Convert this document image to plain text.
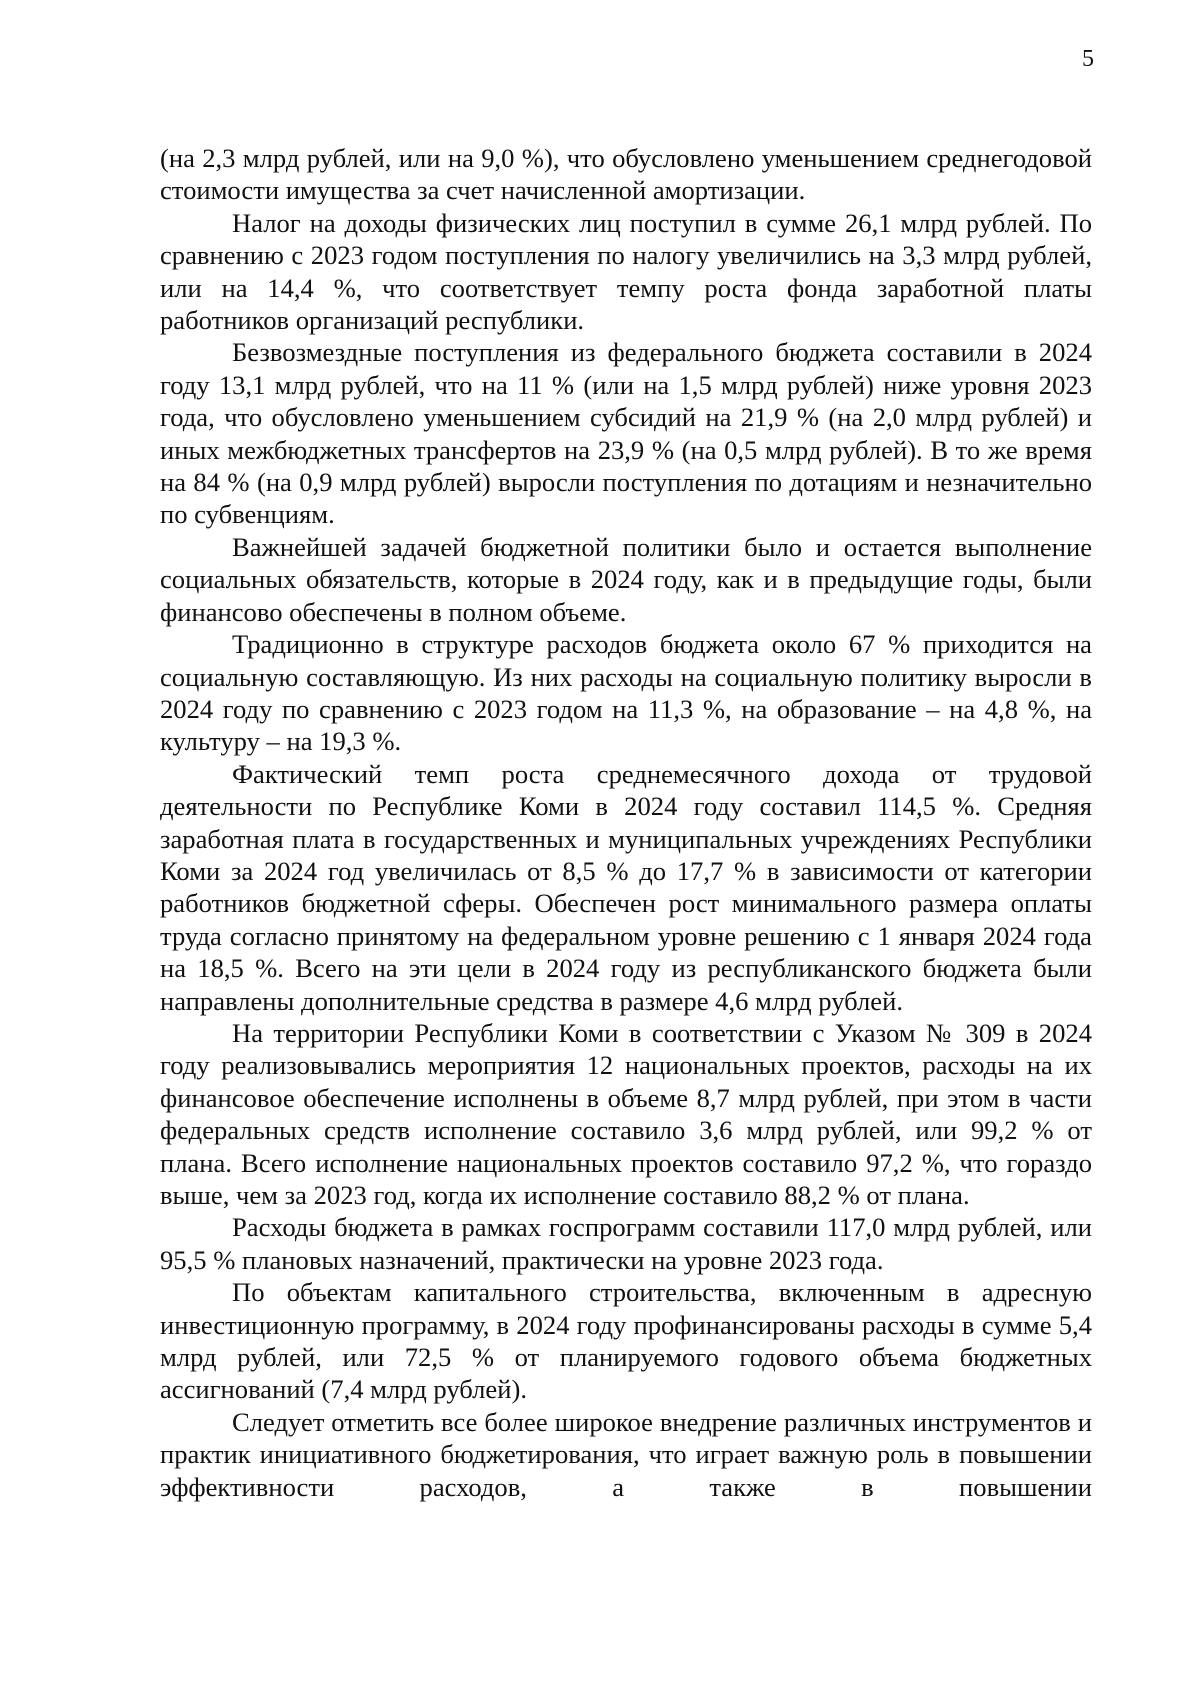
5

(на 2,3 млрд рублей, или на 9,0 %), что обусловлено уменьшением среднегодовой стоимости имущества за счет начисленной амортизации.

Налог на доходы физических лиц поступил в сумме 26,1 млрд рублей. По сравнению с 2023 годом поступления по налогу увеличились на 3,3 млрд рублей, или на 14,4 %, что соответствует темпу роста фонда заработной платы работников организаций республики.

Безвозмездные поступления из федерального бюджета составили в 2024 году 13,1 млрд рублей, что на 11 % (или на 1,5 млрд рублей) ниже уровня 2023 года, что обусловлено уменьшением субсидий на 21,9 % (на 2,0 млрд рублей) и иных межбюджетных трансфертов на 23,9 % (на 0,5 млрд рублей). В то же время на 84 % (на 0,9 млрд рублей) выросли поступления по дотациям и незначительно по субвенциям.

Важнейшей задачей бюджетной политики было и остается выполнение социальных обязательств, которые в 2024 году, как и в предыдущие годы, были финансово обеспечены в полном объеме.

Традиционно в структуре расходов бюджета около 67 % приходится на социальную составляющую. Из них расходы на социальную политику выросли в 2024 году по сравнению с 2023 годом на 11,3 %, на образование – на 4,8 %, на культуру – на 19,3 %.

Фактический темп роста среднемесячного дохода от трудовой деятельности по Республике Коми в 2024 году составил 114,5 %. Средняя заработная плата в государственных и муниципальных учреждениях Республики Коми за 2024 год увеличилась от 8,5 % до 17,7 % в зависимости от категории работников бюджетной сферы. Обеспечен рост минимального размера оплаты труда согласно принятому на федеральном уровне решению с 1 января 2024 года на 18,5 %. Всего на эти цели в 2024 году из республиканского бюджета были направлены дополнительные средства в размере 4,6 млрд рублей.

На территории Республики Коми в соответствии с Указом № 309 в 2024 году реализовывались мероприятия 12 национальных проектов, расходы на их финансовое обеспечение исполнены в объеме 8,7 млрд рублей, при этом в части федеральных средств исполнение составило 3,6 млрд рублей, или 99,2 % от плана. Всего исполнение национальных проектов составило 97,2 %, что гораздо выше, чем за 2023 год, когда их исполнение составило 88,2 % от плана.

Расходы бюджета в рамках госпрограмм составили 117,0 млрд рублей, или 95,5 % плановых назначений, практически на уровне 2023 года.

По объектам капитального строительства, включенным в адресную инвестиционную программу, в 2024 году профинансированы расходы в сумме 5,4 млрд рублей, или 72,5 % от планируемого годового объема бюджетных ассигнований (7,4 млрд рублей).

Следует отметить все более широкое внедрение различных инструментов и практик инициативного бюджетирования, что играет важную роль в повышении эффективности расходов, а также в повышении
